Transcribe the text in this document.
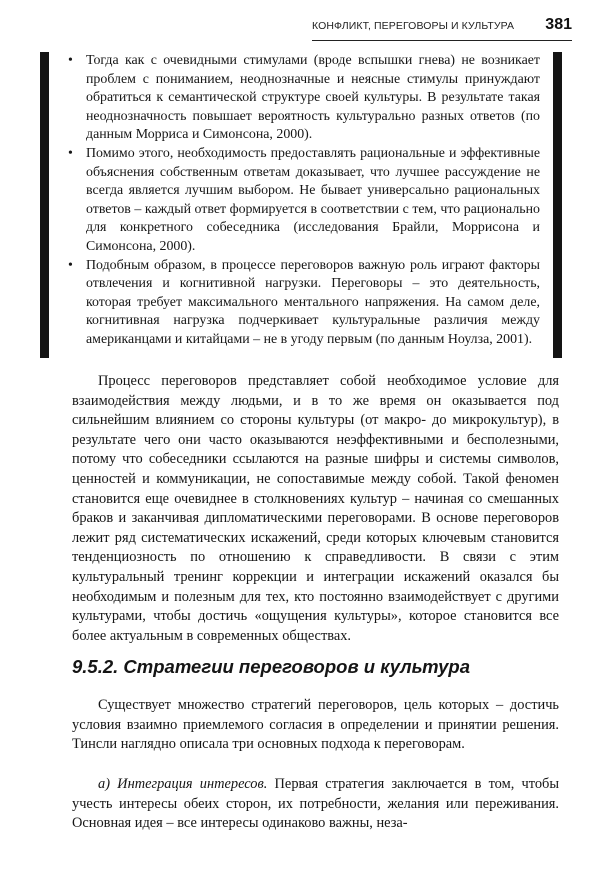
КОНФЛИКТ, ПЕРЕГОВОРЫ И КУЛЬТУРА 381
• Тогда как с очевидными стимулами (вроде вспышки гнева) не возникает проблем с пониманием, неоднозначные и неясные стимулы принуждают обратиться к семантической структуре своей культуры. В результате такая неоднозначность повышает вероятность культурально разных ответов (по данным Морриса и Симонсона, 2000).
• Помимо этого, необходимость предоставлять рациональные и эффективные объяснения собственным ответам доказывает, что лучшее рассуждение не всегда является лучшим выбором. Не бывает универсально рациональных ответов – каждый ответ формируется в соответствии с тем, что рационально для конкретного собеседника (исследования Брайли, Моррисона и Симонсона, 2000).
• Подобным образом, в процессе переговоров важную роль играют факторы отвлечения и когнитивной нагрузки. Переговоры – это деятельность, которая требует максимального ментального напряжения. На самом деле, когнитивная нагрузка подчеркивает культуральные различия между американцами и китайцами – не в угоду первым (по данным Ноулза, 2001).

Процесс переговоров представляет собой необходимое условие для взаимодействия между людьми, и в то же время он оказывается под сильнейшим влиянием со стороны культуры (от макро- до микрокультур), в результате чего они часто оказываются неэффективными и бесполезными, потому что собеседники ссылаются на разные шифры и системы символов, ценностей и коммуникации, не сопоставимые между собой. Такой феномен становится еще очевиднее в столкновениях культур – начиная со смешанных браков и заканчивая дипломатическими переговорами. В основе переговоров лежит ряд систематических искажений, среди которых ключевым становится тенденциозность по отношению к справедливости. В связи с этим культуральный тренинг коррекции и интеграции искажений оказался бы необходимым и полезным для тех, кто постоянно взаимодействует с другими культурами, чтобы достичь «ощущения культуры», которое становится все более актуальным в современных обществах.

9.5.2. Стратегии переговоров и культура

Существует множество стратегий переговоров, цель которых – достичь условия взаимно приемлемого согласия в определении и принятии решения. Тинсли наглядно описала три основных подхода к переговорам.

а) Интеграция интересов. Первая стратегия заключается в том, чтобы учесть интересы обеих сторон, их потребности, желания или переживания. Основная идея – все интересы одинаково важны, неза-
